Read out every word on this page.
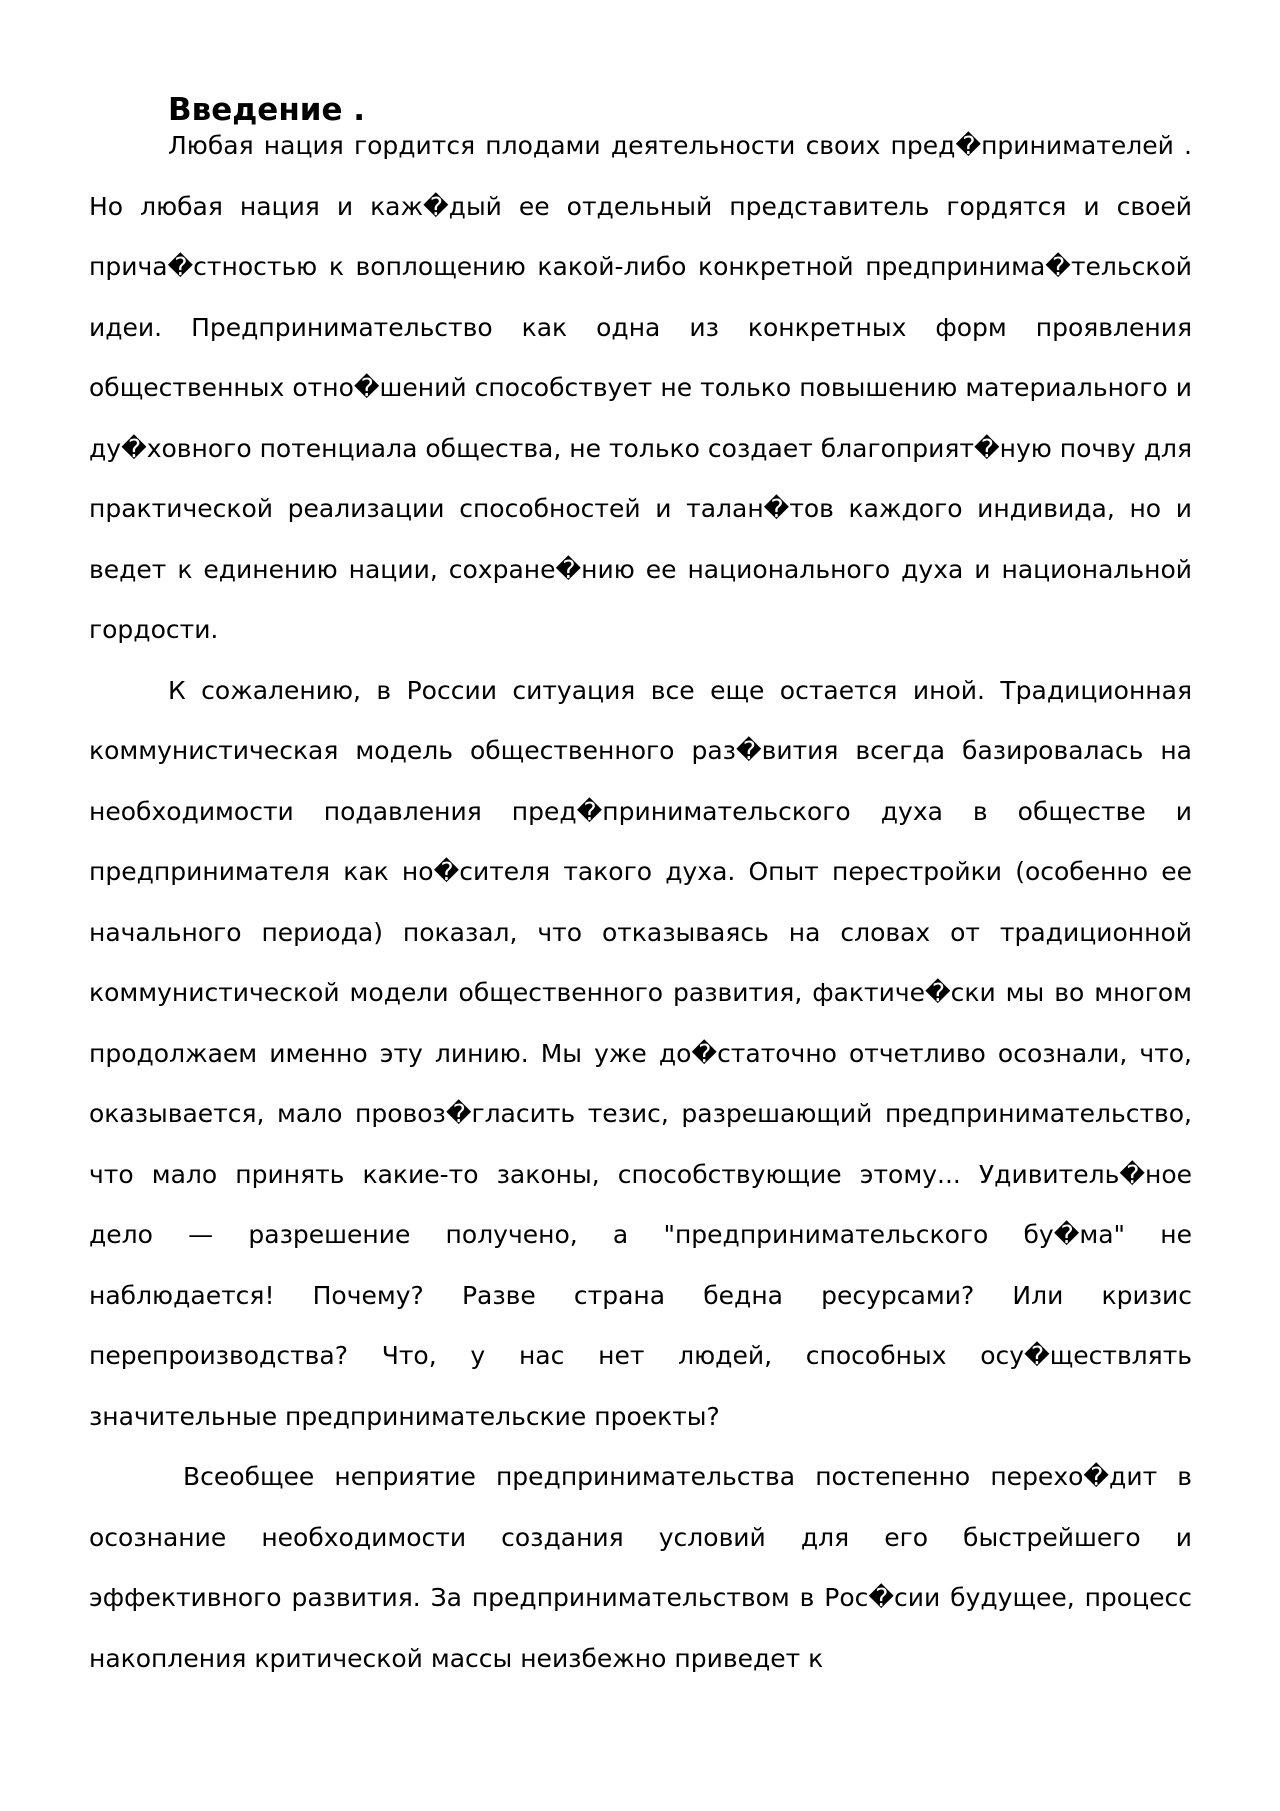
Введение .

Любая нация гордится плодами деятельности своих пред�принимателей . Но любая нация и каж�дый ее отдельный представитель гордятся и своей прича�стностью к воплощению какой-либо конкретной предпринима�тельской идеи. Предпринимательство как одна из конкретных форм проявления общественных отно�шений способствует не только повышению материального и ду�ховного потенциала общества, не только создает благоприят�ную почву для практической реализации способностей и талан�тов каждого индивида, но и ведет к единению нации, сохране�нию ее национального духа и национальной гордости.

К сожалению, в России ситуация все еще остается иной. Традиционная коммунистическая модель общественного раз�вития всегда базировалась на необходимости подавления пред�принимательского духа в обществе и предпринимателя как но�сителя такого духа. Опыт перестройки (особенно ее начального периода) показал, что отказываясь на словах от традиционной коммунистической модели общественного развития, фактиче�ски мы во многом продолжаем именно эту линию. Мы уже до�статочно отчетливо осознали, что, оказывается, мало провоз�гласить тезис, разрешающий предпринимательство, что мало принять какие-то законы, способствующие этому... Удивитель�ное дело — разрешение получено, а "предпринимательского бу�ма" не наблюдается! Почему? Разве страна бедна ресурсами? Или кризис перепроизводства? Что, у нас нет людей, способных осу�ществлять значительные предпринимательские проекты?

Всеобщее неприятие предпринимательства постепенно перехо�дит в осознание необходимости создания условий для его быстрейшего и эффективного развития. За предпринимательством в Рос�сии будущее, процесс накопления критической массы неизбежно приведет к
